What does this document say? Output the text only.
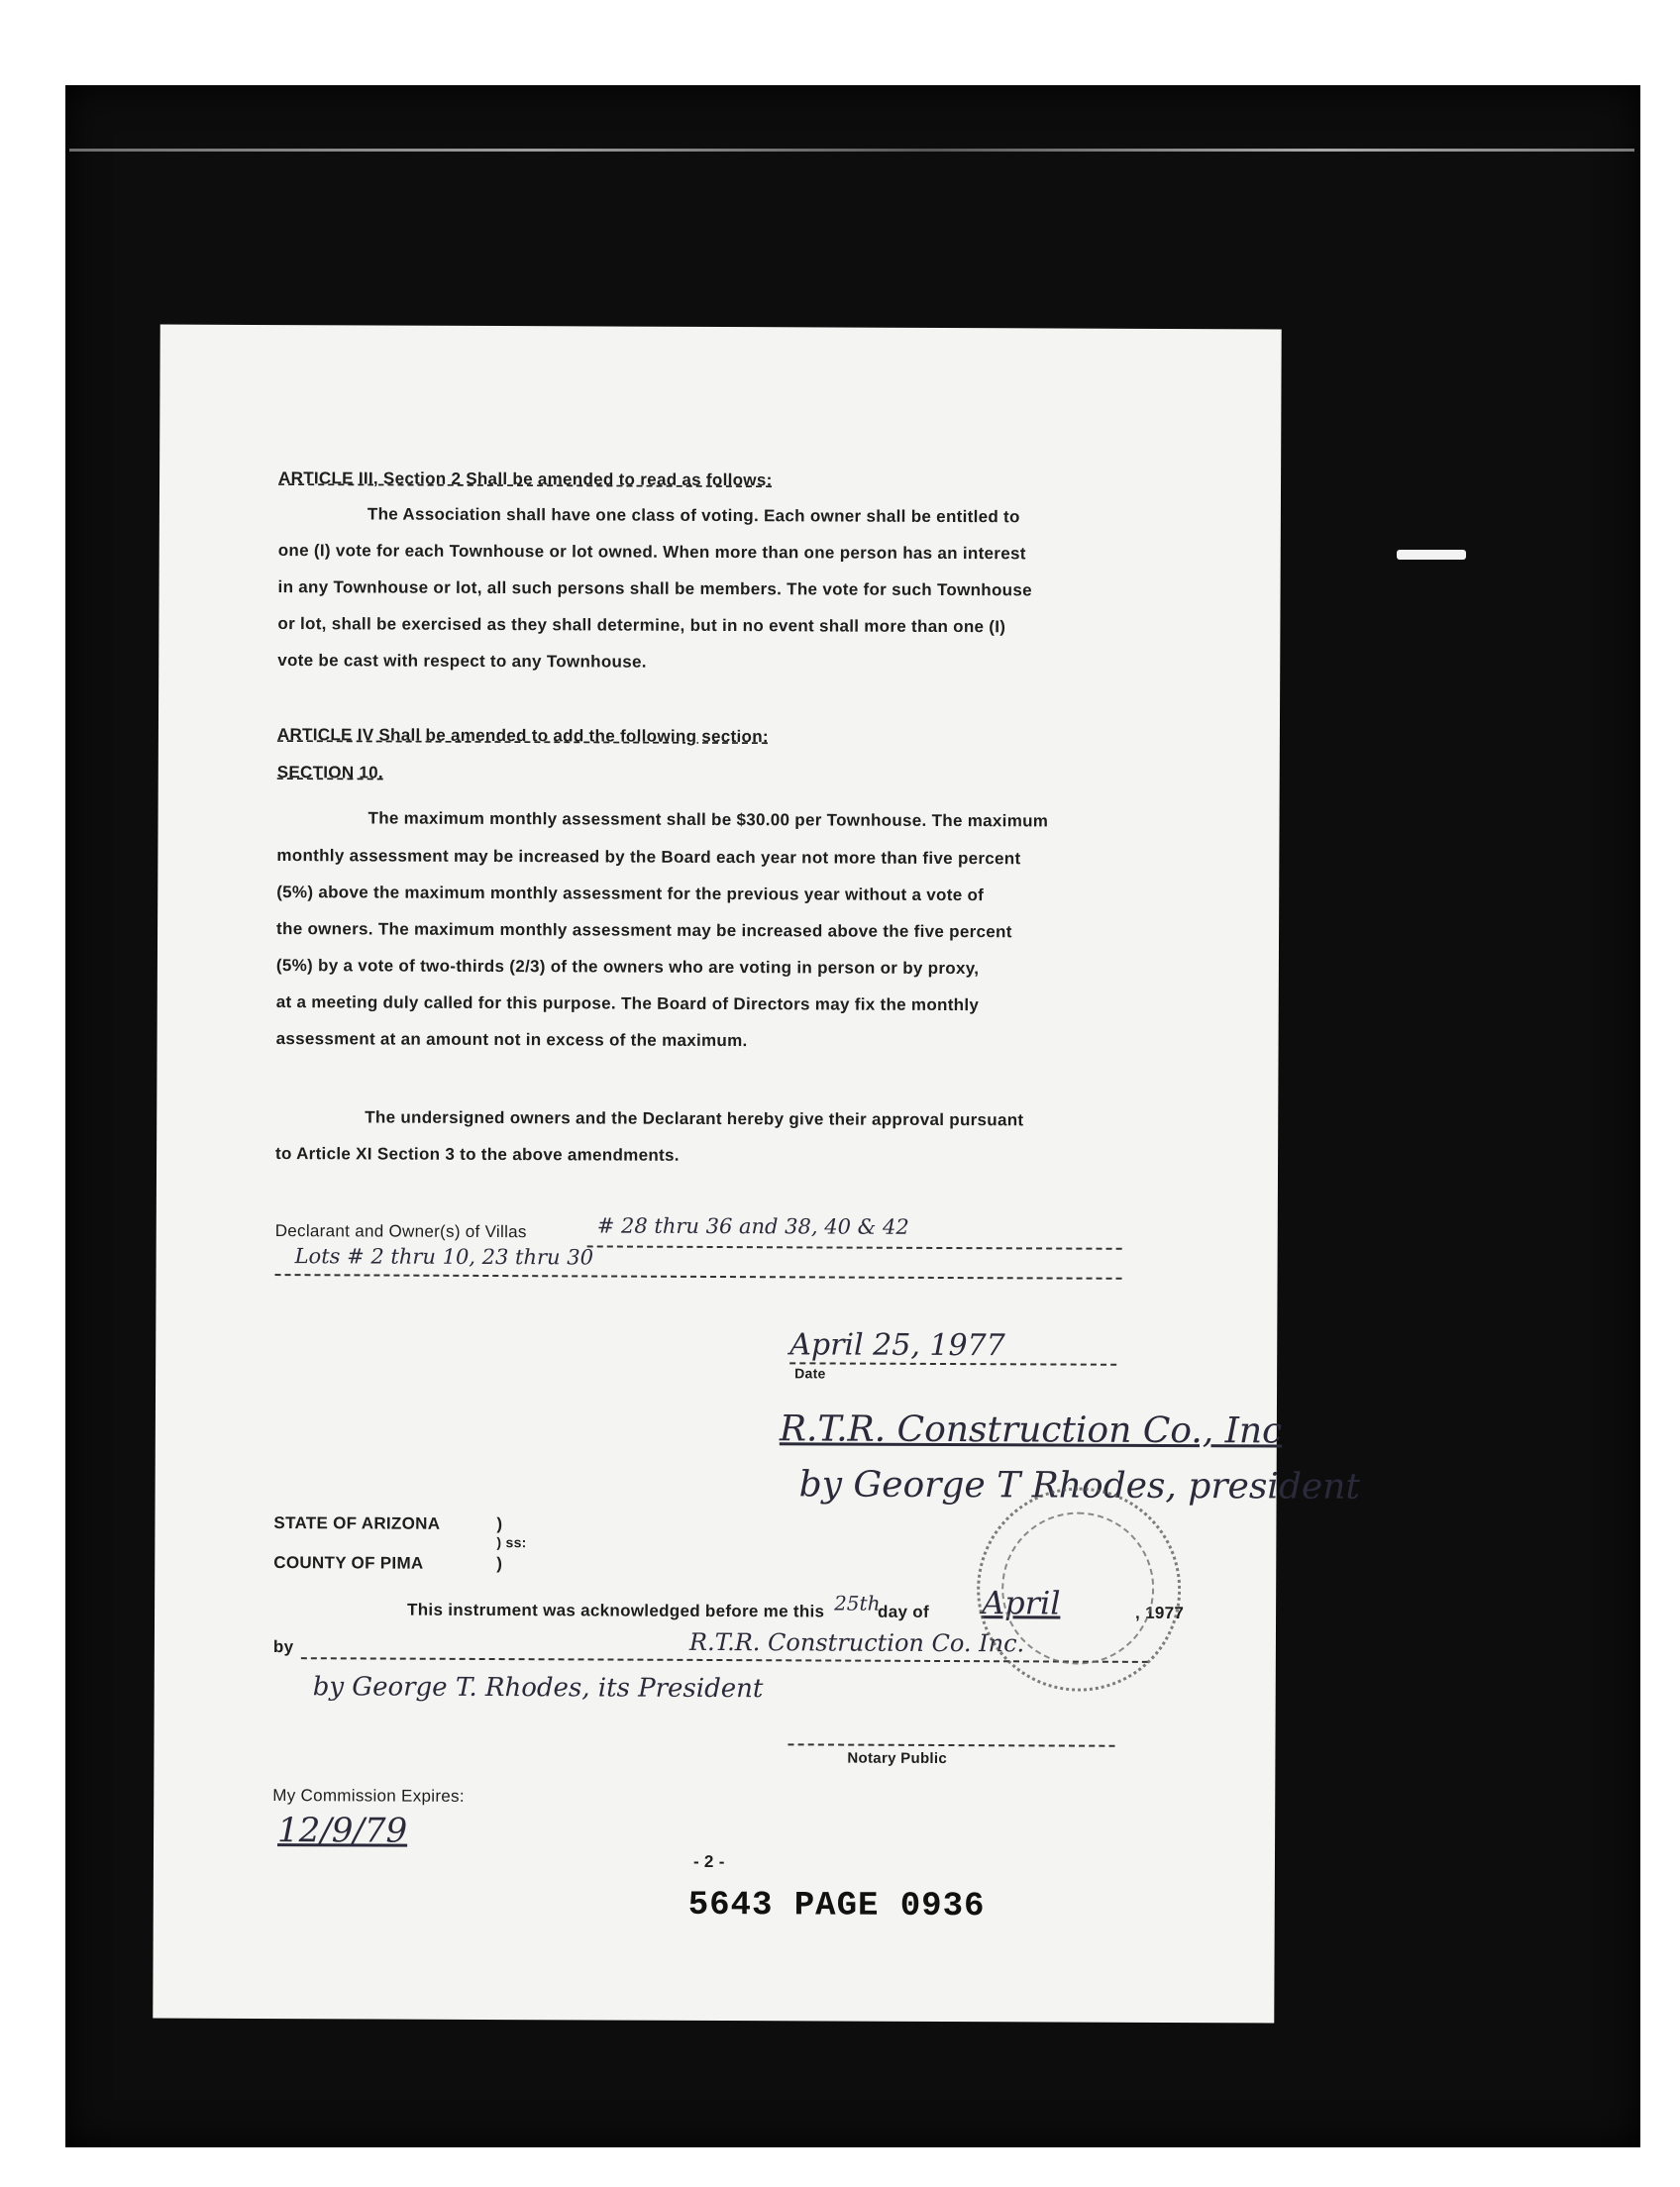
ARTICLE III, Section 2 Shall be amended to read as follows:
The Association shall have one class of voting. Each owner shall be entitled to
one (I) vote for each Townhouse or lot owned. When more than one person has an interest
in any Townhouse or lot, all such persons shall be members. The vote for such Townhouse
or lot, shall be exercised as they shall determine, but in no event shall more than one (I)
vote be cast with respect to any Townhouse.
ARTICLE IV Shall be amended to add the following section:
SECTION 10.
The maximum monthly assessment shall be $30.00 per Townhouse. The maximum
monthly assessment may be increased by the Board each year not more than five percent
(5%) above the maximum monthly assessment for the previous year without a vote of
the owners. The maximum monthly assessment may be increased above the five percent
(5%) by a vote of two-thirds (2/3) of the owners who are voting in person or by proxy,
at a meeting duly called for this purpose. The Board of Directors may fix the monthly
assessment at an amount not in excess of the maximum.
The undersigned owners and the Declarant hereby give their approval pursuant
to Article XI Section 3 to the above amendments.
Declarant and Owner(s) of Villas	# 28 thru 36 and 38, 40 & 42
Lots # 2 thru 10, 23 thru 30
April 25, 1977
Date
R.T.R. Construction Co., Inc
by George T Rhodes, president
STATE OF ARIZONA	)
) ss:
COUNTY OF PIMA	)
This instrument was acknowledged before me this 25th
day of April	, 1977
by	R.T.R. Construction Co. Inc.
by George T. Rhodes, its President
Notary Public
My Commission Expires:
12/9/79
- 2 -
5643 PAGE 0936
